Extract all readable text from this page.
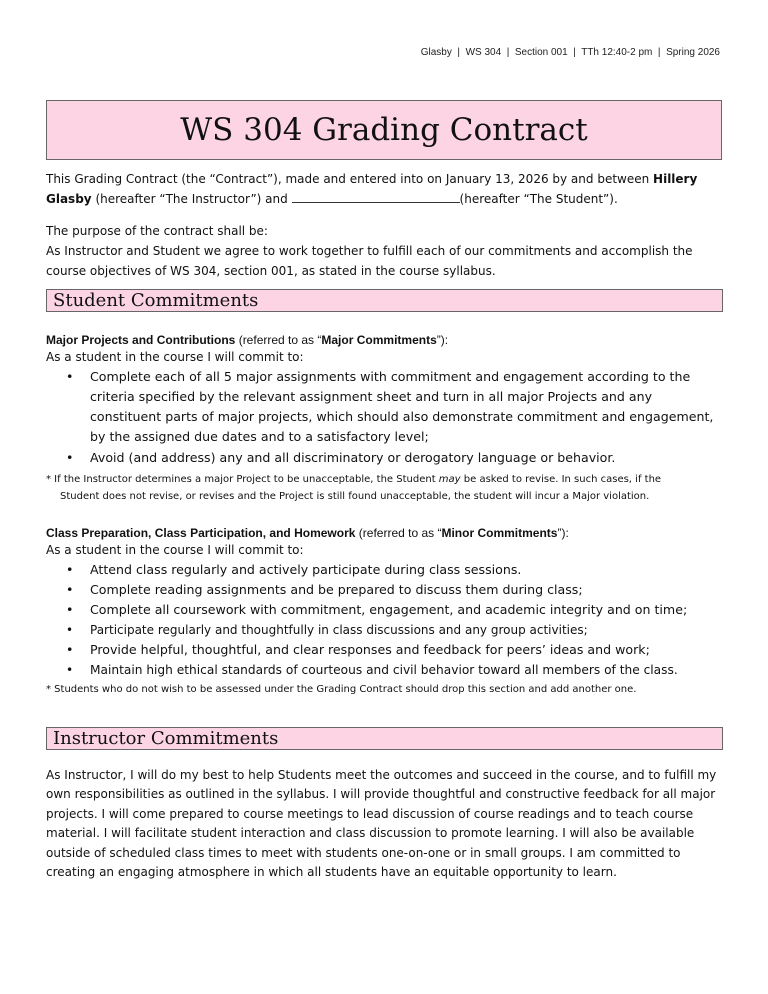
Glasby  |  WS 304  |  Section 001  |  TTh 12:40-2 pm  |  Spring 2026
WS 304 Grading Contract
This Grading Contract (the “Contract”), made and entered into on January 13, 2026 by and between Hillery Glasby (hereafter “The Instructor”) and	(hereafter “The Student”).
The purpose of the contract shall be:
As Instructor and Student we agree to work together to fulfill each of our commitments and accomplish the course objectives of WS 304, section 001, as stated in the course syllabus.
Student Commitments
Major Projects and Contributions (referred to as “Major Commitments”):
As a student in the course I will commit to:
• Complete each of all 5 major assignments with commitment and engagement according to the criteria specified by the relevant assignment sheet and turn in all major Projects and any constituent parts of major projects, which should also demonstrate commitment and engagement, by the assigned due dates and to a satisfactory level;
• Avoid (and address) any and all discriminatory or derogatory language or behavior.
* If the Instructor determines a major Project to be unacceptable, the Student may be asked to revise. In such cases, if the
Student does not revise, or revises and the Project is still found unacceptable, the student will incur a Major violation.
Class Preparation, Class Participation, and Homework (referred to as “Minor Commitments”):
As a student in the course I will commit to:
• Attend class regularly and actively participate during class sessions.
• Complete reading assignments and be prepared to discuss them during class;
• Complete all coursework with commitment, engagement, and academic integrity and on time;
• Participate regularly and thoughtfully in class discussions and any group activities;
• Provide helpful, thoughtful, and clear responses and feedback for peers’ ideas and work;
• Maintain high ethical standards of courteous and civil behavior toward all members of the class.
* Students who do not wish to be assessed under the Grading Contract should drop this section and add another one.
Instructor Commitments
As Instructor, I will do my best to help Students meet the outcomes and succeed in the course, and to fulfill my own responsibilities as outlined in the syllabus. I will provide thoughtful and constructive feedback for all major projects. I will come prepared to course meetings to lead discussion of course readings and to teach course material. I will facilitate student interaction and class discussion to promote learning. I will also be available outside of scheduled class times to meet with students one-on-one or in small groups. I am committed to creating an engaging atmosphere in which all students have an equitable opportunity to learn.
